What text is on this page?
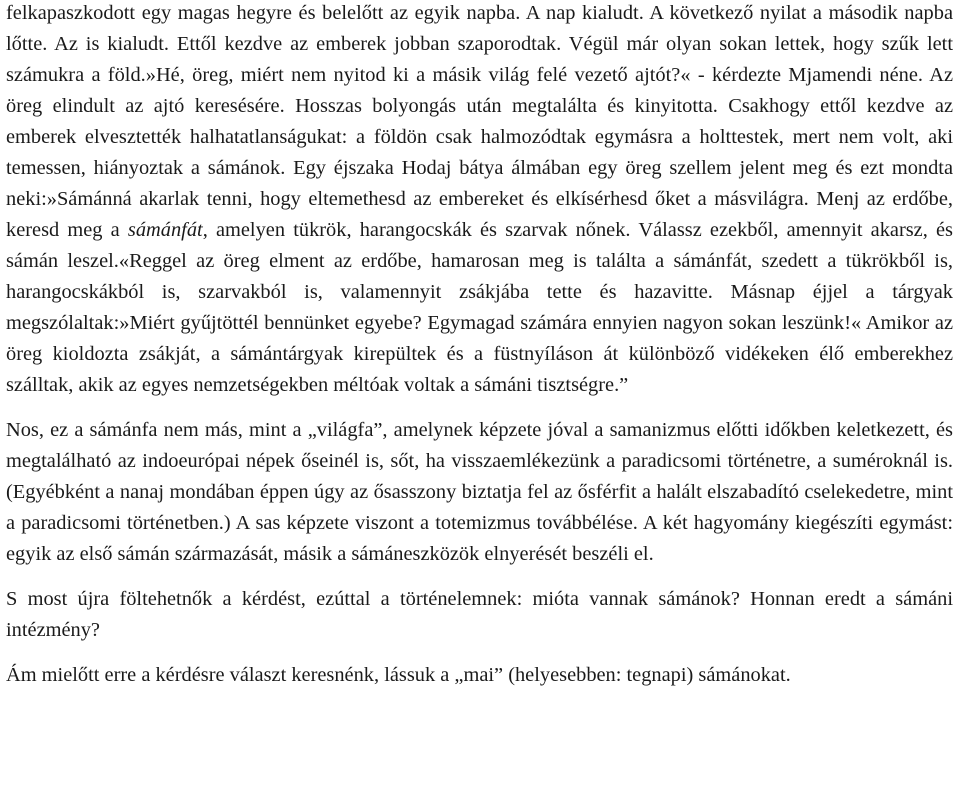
felkapaszkodott egy magas hegyre és belelőtt az egyik napba. A nap kialudt. A következő nyilat a második napba lőtte. Az is kialudt. Ettől kezdve az emberek jobban szaporodtak. Végül már olyan sokan lettek, hogy szűk lett számukra a föld.»Hé, öreg, miért nem nyitod ki a másik világ felé vezető ajtót?« - kérdezte Mjamendi néne. Az öreg elindult az ajtó keresésére. Hosszas bolyongás után megtalálta és kinyitotta. Csakhogy ettől kezdve az emberek elvesztették halhatatlanságukat: a földön csak halmozódtak egymásra a holttestek, mert nem volt, aki temessen, hiányoztak a sámánok. Egy éjszaka Hodaj bátya álmában egy öreg szellem jelent meg és ezt mondta neki:»Sámánná akarlak tenni, hogy eltemethesd az embereket és elkísérhesd őket a másvilágra. Menj az erdőbe, keresd meg a sámánfát, amelyen tükrök, harangocskák és szarvak nőnek. Válassz ezekből, amennyit akarsz, és sámán leszel.«Reggel az öreg elment az erdőbe, hamarosan meg is találta a sámánfát, szedett a tükrökből is, harangocskákból is, szarvakból is, valamennyit zsákjába tette és hazavitte. Másnap éjjel a tárgyak megszólaltak:»Miért gyűjtöttél bennünket egyebe? Egymagad számára ennyien nagyon sokan leszünk!« Amikor az öreg kioldozta zsákját, a sámántárgyak kirepültek és a füstnyíláson át különböző vidékeken élő emberekhez szálltak, akik az egyes nemzetségekben méltóak voltak a sámáni tisztségre.”

Nos, ez a sámánfa nem más, mint a „világfa”, amelynek képzete jóval a samanizmus előtti időkben keletkezett, és megtalálható az indoeurópai népek őseinél is, sőt, ha visszaemlékezünk a paradicsomi történetre, a suméroknál is. (Egyébként a nanaj mondában éppen úgy az ősasszony biztatja fel az ősférfit a halált elszabadító cselekedetre, mint a paradicsomi történetben.) A sas képzete viszont a totemizmus továbbélése. A két hagyomány kiegészíti egymást: egyik az első sámán származását, másik a sámáneszközök elnyerését beszéli el.

S most újra föltehetnők a kérdést, ezúttal a történelemnek: mióta vannak sámánok? Honnan eredt a sámáni intézmény?

Ám mielőtt erre a kérdésre választ keresnénk, lássuk a „mai” (helyesebben: tegnapi) sámánokat.
